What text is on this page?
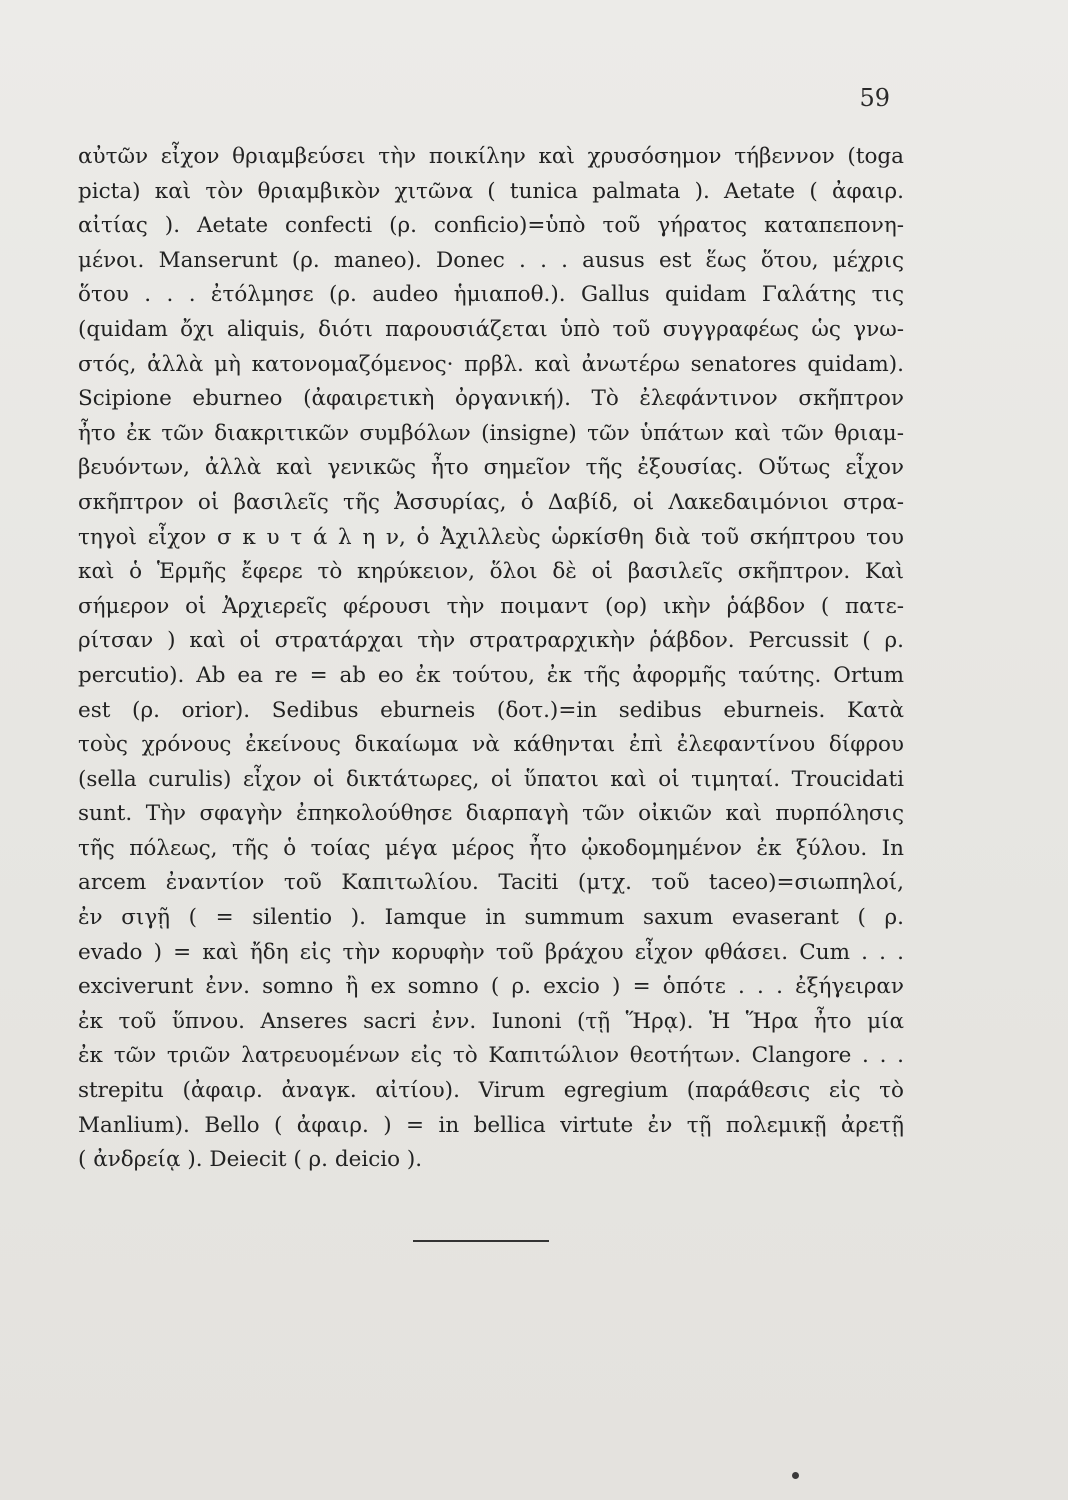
59
αὐτῶν εἶχον θριαμβεύσει τὴν ποικίλην καὶ χρυσόσημον τήβεννον (toga
picta) καὶ τὸν θριαμβικὸν χιτῶνα ( tunica palmata ). Aetate ( ἀφαιρ.
αἰτίας ). Aetate confecti (ρ. conficio)=ὑπὸ τοῦ γήρατος καταπεπονη-
μένοι. Manserunt (ρ. maneo). Donec . . . ausus est ἕως ὅτου, μέχρις
ὅτου . . . ἐτόλμησε (ρ. audeo ἡμιαποθ.). Gallus quidam Γαλάτης τις
(quidam ὄχι aliquis, διότι παρουσιάζεται ὑπὸ τοῦ συγγραφέως ὡς γνω-
στός, ἀλλὰ μὴ κατονομαζόμενος· πρβλ. καὶ ἀνωτέρω senatores quidam).
Scipione eburneo (ἀφαιρετικὴ ὀργανική). Τὸ ἐλεφάντινον σκῆπτρον
ἦτο ἐκ τῶν διακριτικῶν συμβόλων (insigne) τῶν ὑπάτων καὶ τῶν θριαμ-
βευόντων, ἀλλὰ καὶ γενικῶς ἦτο σημεῖον τῆς ἐξουσίας. Οὕτως εἶχον
σκῆπτρον οἱ βασιλεῖς τῆς Ἀσσυρίας, ὁ Δαβίδ, οἱ Λακεδαιμόνιοι στρα-
τηγοὶ εἶχον σ κ υ τ ά λ η ν, ὁ Ἀχιλλεὺς ὡρκίσθη διὰ τοῦ σκήπτρου του
καὶ ὁ Ἑρμῆς ἔφερε τὸ κηρύκειον, ὅλοι δὲ οἱ βασιλεῖς σκῆπτρον. Καὶ
σήμερον οἱ Ἀρχιερεῖς φέρουσι τὴν ποιμαντ (ορ) ικὴν ῥάβδον ( πατε-
ρίτσαν ) καὶ οἱ στρατάρχαι τὴν στρατραρχικὴν ῥάβδον. Percussit ( ρ.
percutio). Ab ea re = ab eo ἐκ τούτου, ἐκ τῆς ἀφορμῆς ταύτης. Ortum
est (ρ. orior). Sedibus eburneis (δοτ.)=in sedibus eburneis. Κατὰ
τοὺς χρόνους ἐκείνους δικαίωμα νὰ κάθηνται ἐπὶ ἐλεφαντίνου δίφρου
(sella curulis) εἶχον οἱ δικτάτωρες, οἱ ὕπατοι καὶ οἱ τιμηταί. Troucidati
sunt. Τὴν σφαγὴν ἐπηκολούθησε διαρπαγὴ τῶν οἰκιῶν καὶ πυρπόλησις
τῆς πόλεως, τῆς ὁ τοίας μέγα μέρος ἦτο ᾠκοδομημένον ἐκ ξύλου. In
arcem ἐναντίον τοῦ Καπιτωλίου. Taciti (μτχ. τοῦ taceo)=σιωπηλοί,
ἐν σιγῇ ( = silentio ). Iamque in summum saxum evaserant ( ρ.
evado ) = καὶ ἤδη εἰς τὴν κορυφὴν τοῦ βράχου εἶχον φθάσει. Cum . . .
exciverunt ἐνν. somno ἢ ex somno ( ρ. excio ) = ὁπότε . . . ἐξήγειραν
ἐκ τοῦ ὕπνου. Anseres sacri ἐνν. Iunoni (τῇ Ἥρᾳ). Ἡ Ἥρα ἦτο μία
ἐκ τῶν τριῶν λατρευομένων εἰς τὸ Καπιτώλιον θεοτήτων. Clangore . . .
strepitu (ἀφαιρ. ἀναγκ. αἰτίου). Virum egregium (παράθεσις εἰς τὸ
Manlium). Bello ( ἀφαιρ. ) = in bellica virtute ἐν τῇ πολεμικῇ ἀρετῇ
( ἀνδρείᾳ ). Deiecit ( ρ. deicio ).
